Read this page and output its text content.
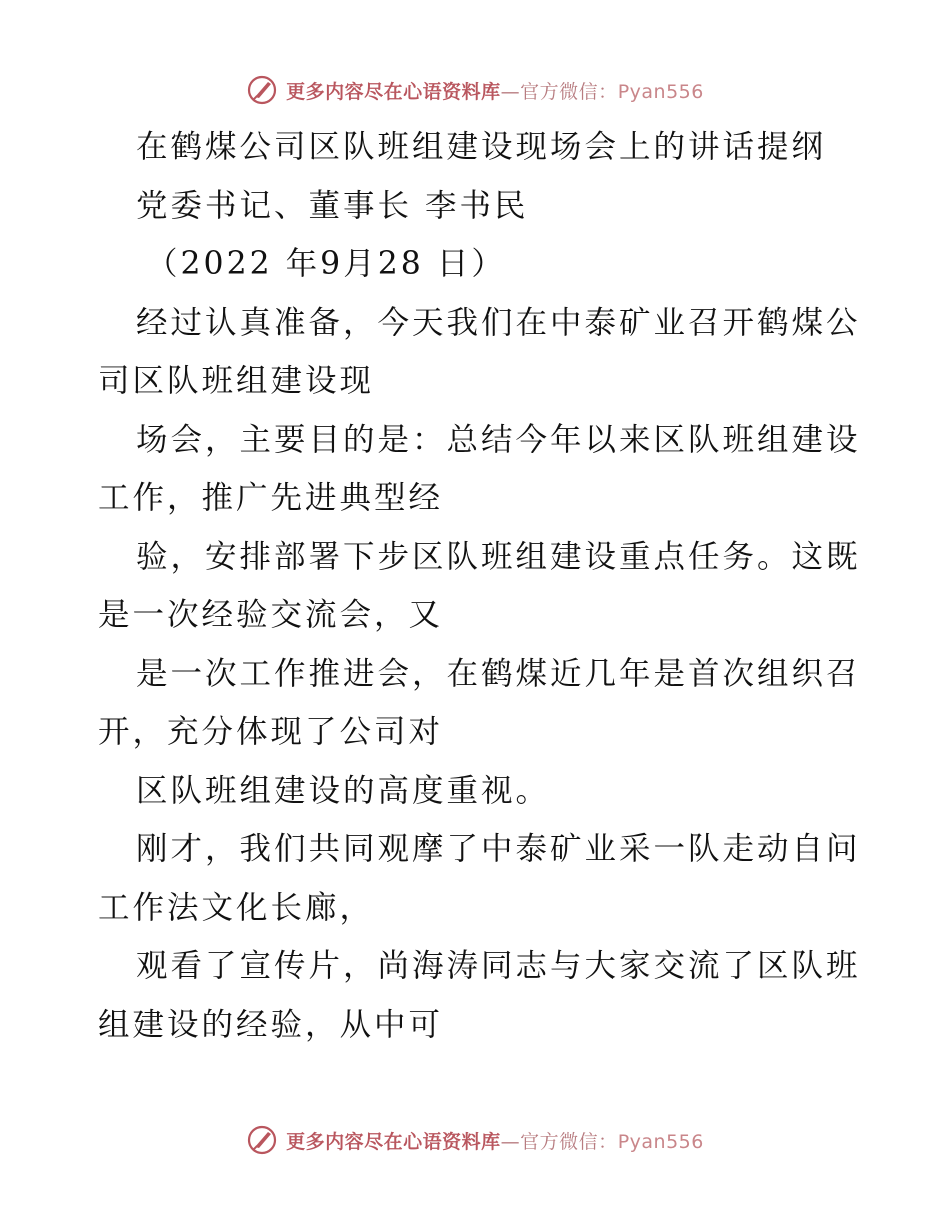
更多内容尽在心语资料库—官方微信：Pyan556
在鹤煤公司区队班组建设现场会上的讲话提纲
党委书记、董事长 李书民
（2022 年9月28 日）
经过认真准备，今天我们在中泰矿业召开鹤煤公
司区队班组建设现
场会，主要目的是：总结今年以来区队班组建设
工作，推广先进典型经
验，安排部署下步区队班组建设重点任务。这既
是一次经验交流会，又
是一次工作推进会，在鹤煤近几年是首次组织召
开，充分体现了公司对
区队班组建设的高度重视。
刚才，我们共同观摩了中泰矿业采一队走动自问
工作法文化长廊，
观看了宣传片，尚海涛同志与大家交流了区队班
组建设的经验，从中可
更多内容尽在心语资料库—官方微信：Pyan556
